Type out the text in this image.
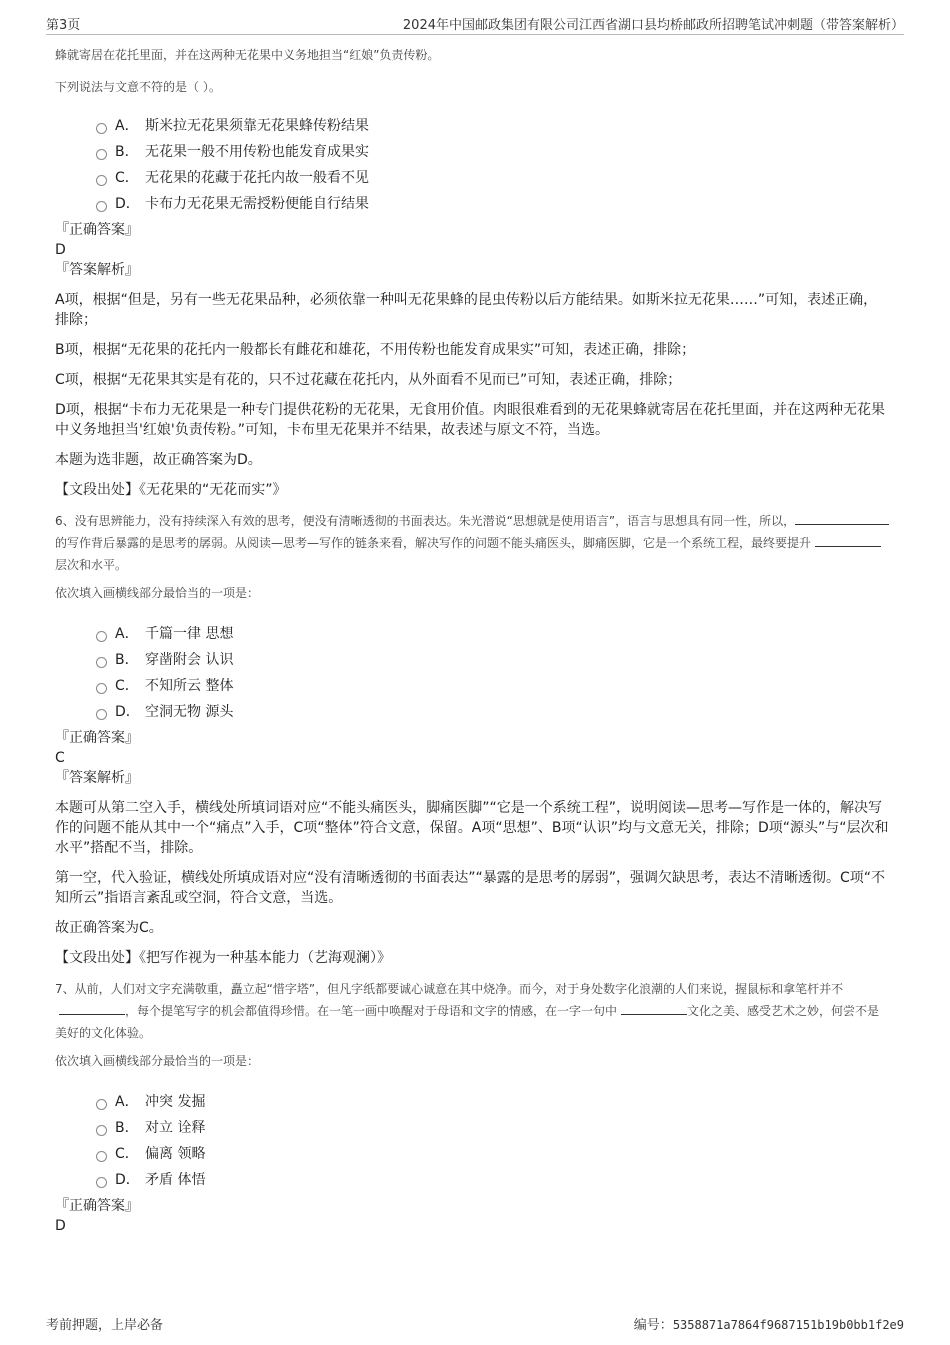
第3页	2024年中国邮政集团有限公司江西省湖口县均桥邮政所招聘笔试冲刺题（带答案解析）
蜂就寄居在花托里面，并在这两种无花果中义务地担当“红娘”负责传粉。
下列说法与文意不符的是（ ）。
A． 斯米拉无花果须靠无花果蜂传粉结果
B． 无花果一般不用传粉也能发育成果实
C． 无花果的花藏于花托内故一般看不见
D． 卡布力无花果无需授粉便能自行结果
『正确答案』
D
『答案解析』
A项，根据“但是，另有一些无花果品种，必须依靠一种叫无花果蜂的昆虫传粉以后方能结果。如斯米拉无花果……”可知，表述正确，排除；
B项，根据“无花果的花托内一般都长有雌花和雄花，不用传粉也能发育成果实”可知，表述正确，排除；
C项，根据“无花果其实是有花的，只不过花藏在花托内，从外面看不见而已”可知，表述正确，排除；
D项，根据“卡布力无花果是一种专门提供花粉的无花果，无食用价值。肉眼很难看到的无花果蜂就寄居在花托里面，并在这两种无花果中义务地担当'红娘'负责传粉。”可知，卡布里无花果并不结果，故表述与原文不符，当选。
本题为选非题，故正确答案为D。
【文段出处】《无花果的“无花而实”》
6、没有思辨能力，没有持续深入有效的思考，便没有清晰透彻的书面表达。朱光潜说“思想就是使用语言”，语言与思想具有同一性，所以，的写作背后暴露的是思考的孱弱。从阅读—思考—写作的链条来看，解决写作的问题不能头痛医头，脚痛医脚，它是一个系统工程，最终要提升层次和水平。
依次填入画横线部分最恰当的一项是：
A． 千篇一律 思想
B． 穿凿附会 认识
C． 不知所云 整体
D． 空洞无物 源头
『正确答案』
C
『答案解析』
本题可从第二空入手，横线处所填词语对应“不能头痛医头，脚痛医脚”“它是一个系统工程”，说明阅读—思考—写作是一体的，解决写作的问题不能从其中一个“痛点”入手，C项“整体”符合文意，保留。A项“思想”、B项“认识”均与文意无关，排除；D项“源头”与“层次和水平”搭配不当，排除。
第一空，代入验证，横线处所填成语对应“没有清晰透彻的书面表达”“暴露的是思考的孱弱”，强调欠缺思考，表达不清晰透彻。C项“不知所云”指语言紊乱或空洞，符合文意，当选。
故正确答案为C。
【文段出处】《把写作视为一种基本能力（艺海观澜）》
7、从前，人们对文字充满敬重，矗立起“惜字塔”，但凡字纸都要诚心诚意在其中烧净。而今，对于身处数字化浪潮的人们来说，握鼠标和拿笔杆并不，每个提笔写字的机会都值得珍惜。在一笔一画中唤醒对于母语和文字的情感，在一字一句中	文化之美、感受艺术之妙，何尝不是美好的文化体验。
依次填入画横线部分最恰当的一项是：
A． 冲突 发掘
B． 对立 诠释
C． 偏离 领略
D． 矛盾 体悟
『正确答案』
D
考前押题，上岸必备	编号：5358871a7864f9687151b19b0bb1f2e9
